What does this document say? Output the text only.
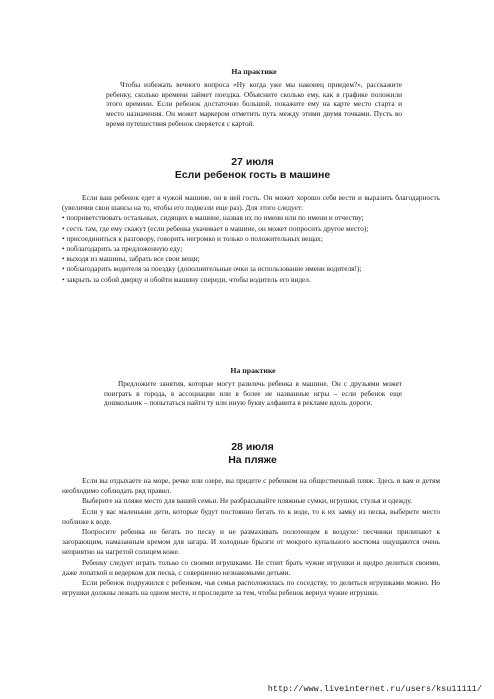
На практике

Чтобы избежать вечного вопроса «Ну когда уже мы наконец приедем?», расскажите ребенку, сколько времени займет поездка. Объясните сколько ему, как в графике положили этого времени. Если ребенок достаточно большой, покажите ему на карте место старта и место назначения. Он может маркером отметить путь между этими двумя точками. Пусть во время путешествия ребенок сверяется с картой.

27 июля
Если ребенок гость в машине

Если ваш ребенок едет в чужой машине, он в ней гость. Он может хорошо себя вести и выразить благодарность (увеличив свои шансы на то, чтобы его подвезли еще раз). Для этого следует:

• поприветствовать остальных, сидящих в машине, назвав их по имени или по имени и отчеству;

• сесть там, где ему скажут (если ребенка укачивает в машине, он может попросить другое место);

• присоединиться к разговору, говорить негромко и только о положительных вещах;

• поблагодарить за предложенную еду;

• выходя из машины, забрать все свои вещи;

• поблагодарить водителя за поездку (дополнительные очки за использование имени водителя!);

• закрыть за собой дверцу и обойти машину спереди, чтобы водитель его видел.

На практике

Предложите занятия, которые могут развлечь ребенка в машине. Он с друзьями может поиграть в города, в ассоциации или в более не названные игры – если ребенок еще дошкольник – попытаться найти ту или иную букву алфавита в рекламе вдоль дороги.

28 июля
На пляже

Если вы отдыхаете на море, речке или озере, вы придете с ребенком на общественный пляж. Здесь и вам и детям необходимо соблюдать ряд правил.

Выберите на пляже место для вашей семьи. Не разбрасывайте пляжные сумки, игрушки, стулья и одежду.

Если у вас маленькие дети, которые будут постоянно бегать то к воде, то к их замку из песка, выберите место поближе к воде.

Попросите ребенка не бегать по песку и не размахивать полотенцем в воздухе: песчинки прилипают к загорающим, намазанным кремом для загара. И холодные брызги от мокрого купального костюма ощущаются очень неприятно на нагретой солнцем коже.

Ребенку следует играть только со своими игрушками. Не стоит брать чужие игрушки и щедро делиться своими, даже лопаткой и ведерком для песка, с совершенно незнакомыми детьми.

Если ребенок подружился с ребенком, чья семья расположилась по соседству, то делиться игрушками можно. Но игрушки должны лежать на одном месте, и проследите за тем, чтобы ребенок вернул чужие игрушки.

http://www.liveinternet.ru/users/ksu11111/
